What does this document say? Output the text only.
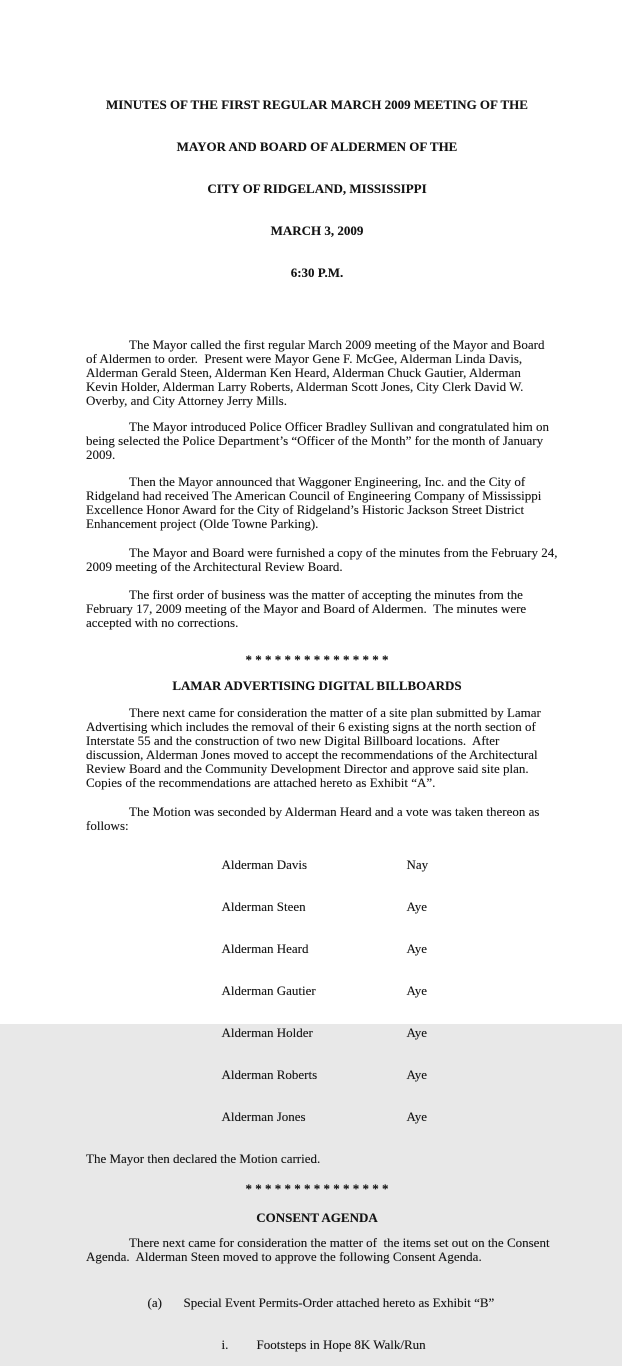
MINUTES OF THE FIRST REGULAR MARCH 2009 MEETING OF THE

MAYOR AND BOARD OF ALDERMEN OF THE

CITY OF RIDGELAND, MISSISSIPPI

MARCH 3, 2009

6:30 P.M.

The Mayor called the first regular March 2009 meeting of the Mayor and Board
of Aldermen to order.  Present were Mayor Gene F. McGee, Alderman Linda Davis,
Alderman Gerald Steen, Alderman Ken Heard, Alderman Chuck Gautier, Alderman
Kevin Holder, Alderman Larry Roberts, Alderman Scott Jones, City Clerk David W.
Overby, and City Attorney Jerry Mills.
The Mayor introduced Police Officer Bradley Sullivan and congratulated him on
being selected the Police Department’s “Officer of the Month” for the month of January
2009.
Then the Mayor announced that Waggoner Engineering, Inc. and the City of
Ridgeland had received The American Council of Engineering Company of Mississippi
Excellence Honor Award for the City of Ridgeland’s Historic Jackson Street District
Enhancement project (Olde Towne Parking).
The Mayor and Board were furnished a copy of the minutes from the February 24,
2009 meeting of the Architectural Review Board.
The first order of business was the matter of accepting the minutes from the
February 17, 2009 meeting of the Mayor and Board of Aldermen.  The minutes were
accepted with no corrections.
* * * * * * * * * * * * * * *
LAMAR ADVERTISING DIGITAL BILLBOARDS
There next came for consideration the matter of a site plan submitted by Lamar
Advertising which includes the removal of their 6 existing signs at the north section of
Interstate 55 and the construction of two new Digital Billboard locations.  After
discussion, Alderman Jones moved to accept the recommendations of the Architectural
Review Board and the Community Development Director and approve said site plan.
Copies of the recommendations are attached hereto as Exhibit “A”.
The Motion was seconded by Alderman Heard and a vote was taken thereon as
follows:

Alderman Davis	Nay

Alderman Steen	Aye

Alderman Heard	Aye

Alderman Gautier	Aye

Alderman Holder	Aye

Alderman Roberts	Aye

Alderman Jones	Aye

The Mayor then declared the Motion carried.
* * * * * * * * * * * * * * *
CONSENT AGENDA
There next came for consideration the matter of  the items set out on the Consent
Agenda.  Alderman Steen moved to approve the following Consent Agenda.

(a) Special Event Permits-Order attached hereto as Exhibit “B”

i. Footsteps in Hope 8K Walk/Run
